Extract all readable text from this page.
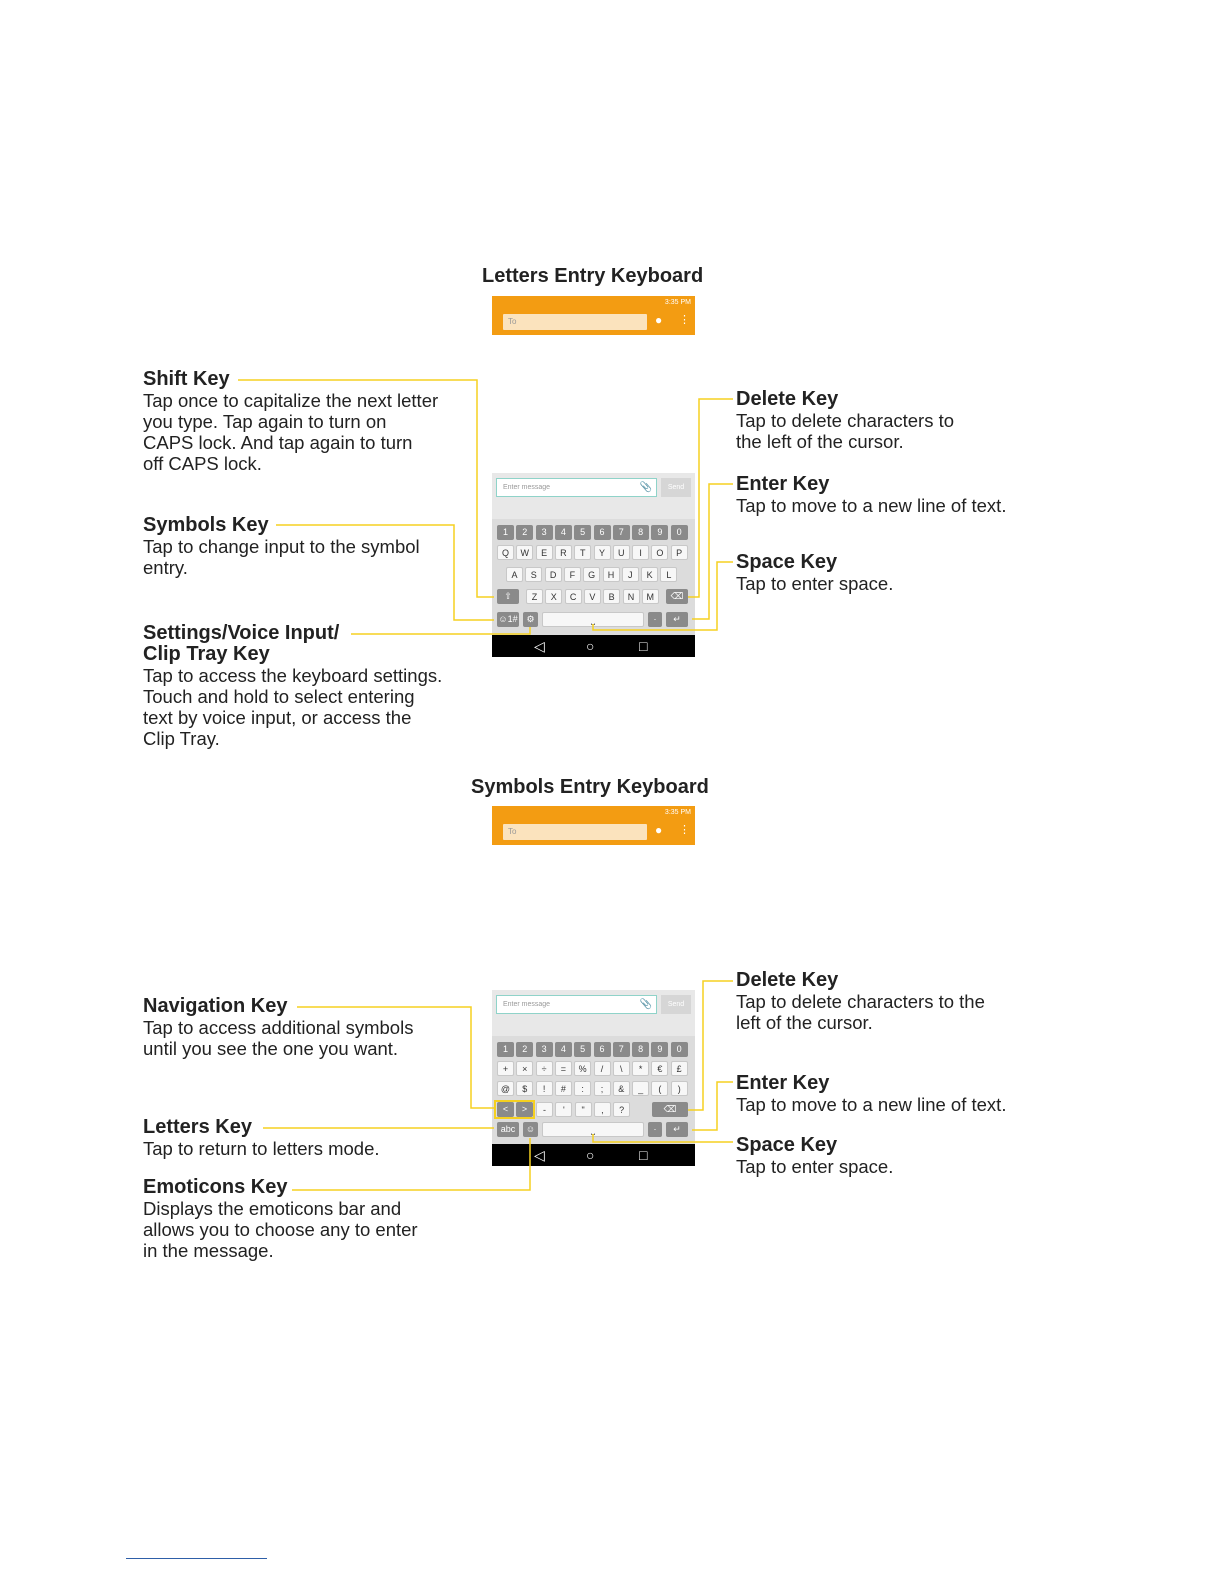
Letters Entry Keyboard
Symbols Entry Keyboard
3:35 PM
To	● ⋮
Enter message	📎	Send
1	2	3	4	5	6	7	8	9	0
Q	W	E	R	T	Y	U	I	O	P
A	S	D	F	G	H	J	K	L
⇧	Z	X	C	V	B	N	M	⌫
☺1# ⚙	⎵	·	↵
◁	○	□
3:35 PM
To	● ⋮
Enter message	📎	Send
1	2	3	4	5	6	7	8	9	0
+	×	÷	=	%	/	\	*	€	£
@	$	!	#	:	;	&	_	(	)
<	>	-	'	"	,	?	⌫
abc	☺	⎵	·	↵
◁	○	□
Shift Key
Tap once to capitalize the next letter
you type. Tap again to turn on
CAPS lock. And tap again to turn
off CAPS lock.
Symbols Key
Tap to change input to the symbol
entry.
Settings/Voice Input/
Clip Tray Key
Tap to access the keyboard settings.
Touch and hold to select entering
text by voice input, or access the
Clip Tray.
Delete Key
Tap to delete characters to
the left of the cursor.
Enter Key
Tap to move to a new line of text.
Space Key
Tap to enter space.
Navigation Key
Tap to access additional symbols
until you see the one you want.
Letters Key
Tap to return to letters mode.
Emoticons Key
Displays the emoticons bar and
allows you to choose any to enter
in the message.
Delete Key
Tap to delete characters to the
left of the cursor.
Enter Key
Tap to move to a new line of text.
Space Key
Tap to enter space.
